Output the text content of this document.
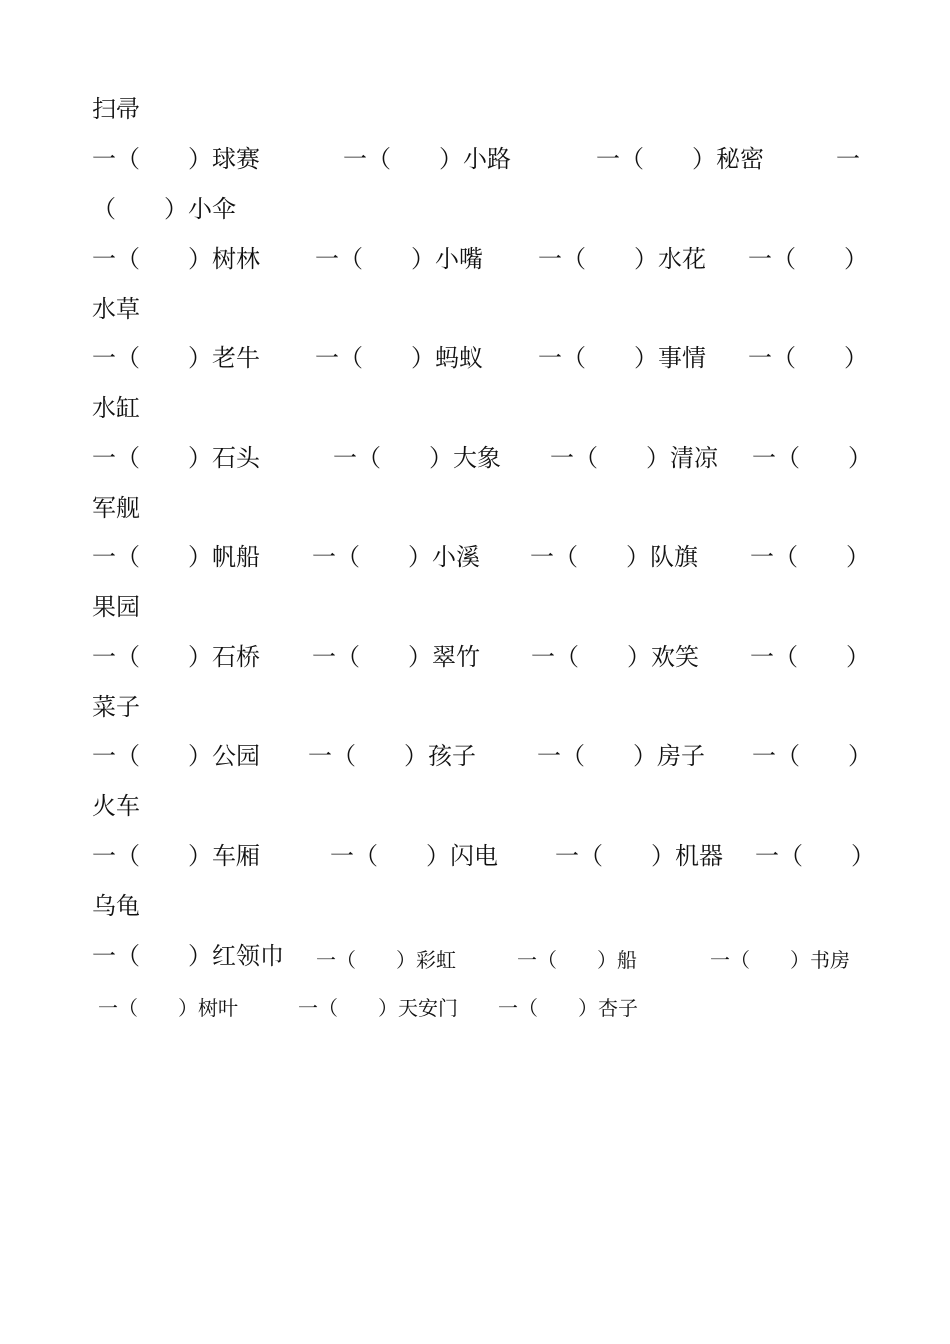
扫帚
一（　　）球赛	一（　　）小路	一（　　）秘密	一
（　　）小伞
一（　　）树林 一（　　）小嘴 一（　　）水花 一（　　）
水草
一（　　）老牛 一（　　）蚂蚁 一（　　）事情 一（　　）
水缸
一（　　）石头	一（　　）大象 一（　　）清凉 一（　　）
军舰
一（　　）帆船 一（　　）小溪 一（　　）队旗 一（　　）
果园
一（　　）石桥 一（　　）翠竹 一（　　）欢笑 一（　　）
菜子
一（　　）公园 一（　　）孩子	一（　　）房子 一（　　）
火车
一（　　）车厢	一（　　）闪电 一（　　）机器 一（　　）
乌龟
一（　　）红领巾 一（　　）彩虹	一（　　）船	一（　　）书房
一（　　）树叶	一（　　）天安门 一（　　）杏子
